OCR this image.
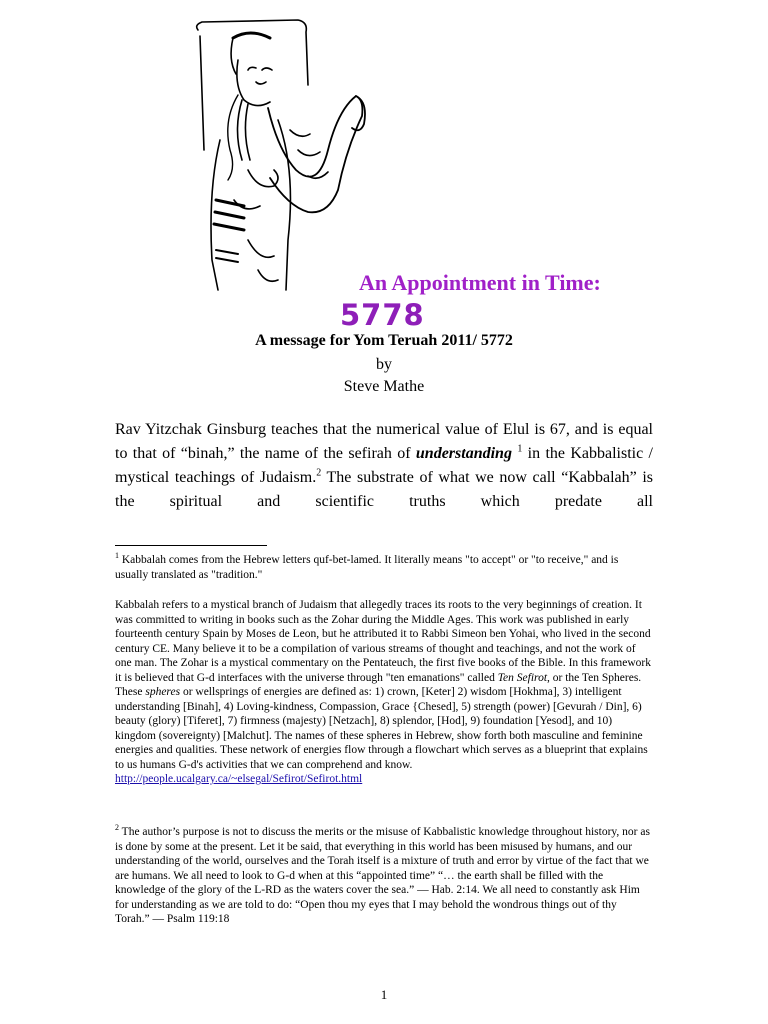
An Appointment in Time:
5778
A message for Yom Teruah 2011/ 5772
by
Steve Mathe

Rav Yitzchak Ginsburg teaches that the numerical value of Elul is 67, and is equal to that of “binah,” the name of the sefirah of understanding $^1$ in the Kabbalistic / mystical teachings of Judaism.$^2$ The substrate of what we now call “Kabbalah” is the spiritual and scientific truths which predate all

$^1$ Kabbalah comes from the Hebrew letters quf-bet-lamed. It literally means "to accept" or "to receive," and is usually translated as "tradition."
Kabbalah refers to a mystical branch of Judaism that allegedly traces its roots to the very beginnings of creation. It was committed to writing in books such as the Zohar during the Middle Ages. This work was published in early fourteenth century Spain by Moses de Leon, but he attributed it to Rabbi Simeon ben Yohai, who lived in the second century CE. Many believe it to be a compilation of various streams of thought and teachings, and not the work of one man. The Zohar is a mystical commentary on the Pentateuch, the first five books of the Bible. In this framework it is believed that G-d interfaces with the universe through "ten emanations" called Ten Sefirot, or the Ten Spheres. These spheres or wellsprings of energies are defined as: 1) crown, [Keter] 2) wisdom [Hokhma], 3) intelligent understanding [Binah], 4) Loving-kindness, Compassion, Grace {Chesed], 5) strength (power) [Gevurah / Din], 6) beauty (glory) [Tiferet], 7) firmness (majesty) [Netzach], 8) splendor, [Hod], 9) foundation [Yesod], and 10) kingdom (sovereignty) [Malchut]. The names of these spheres in Hebrew, show forth both masculine and feminine energies and qualities. These network of energies flow through a flowchart which serves as a blueprint that explains to us humans G-d's activities that we can comprehend and know.
http://people.ucalgary.ca/~elsegal/Sefirot/Sefirot.html
$^2$ The author’s purpose is not to discuss the merits or the misuse of Kabbalistic knowledge throughout history, nor as is done by some at the present. Let it be said, that everything in this world has been misused by humans, and our understanding of the world, ourselves and the Torah itself is a mixture of truth and error by virtue of the fact that we are humans. We all need to look to G-d when at this “appointed time” “… the earth shall be filled with the knowledge of the glory of the L-RD as the waters cover the sea.” — Hab. 2:14. We all need to constantly ask Him for understanding as we are told to do: “Open thou my eyes that I may behold the wondrous things out of thy Torah.” — Psalm 119:18
1
